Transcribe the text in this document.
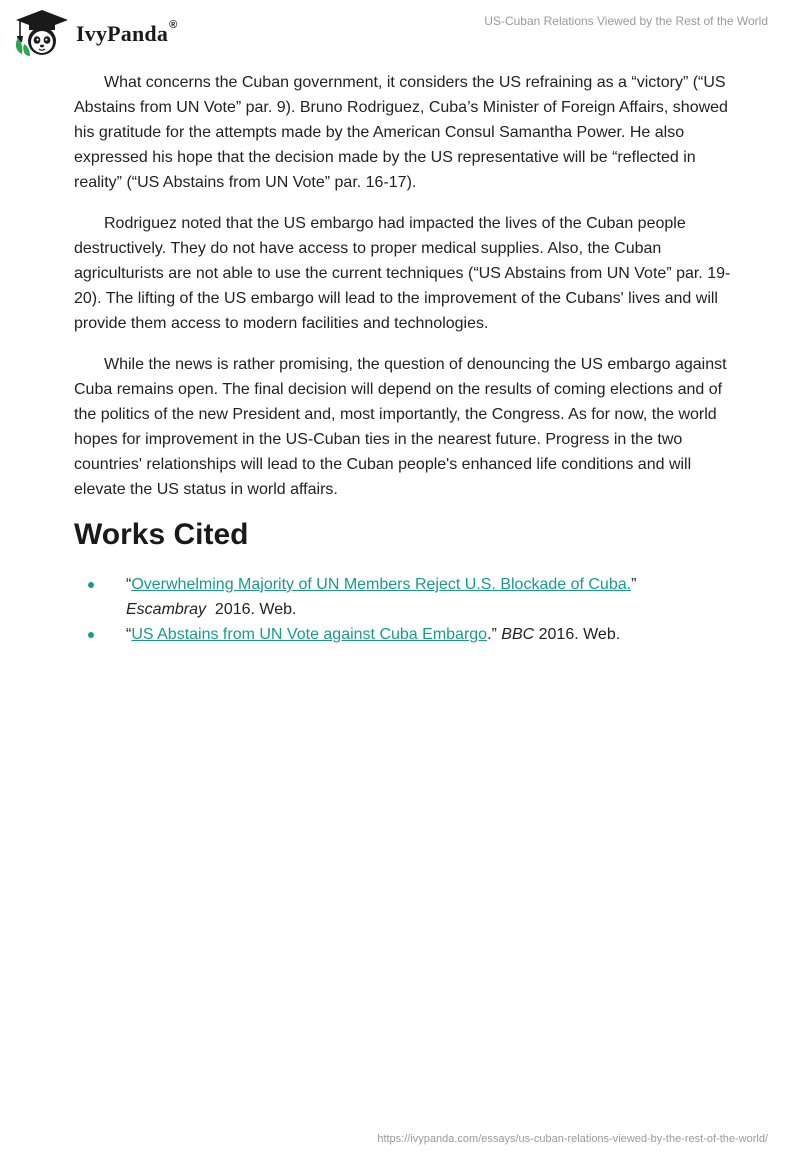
IvyPanda®	US-Cuban Relations Viewed by the Rest of the World

What concerns the Cuban government, it considers the US refraining as a “victory” (“US Abstains from UN Vote” par. 9). Bruno Rodriguez, Cuba’s Minister of Foreign Affairs, showed his gratitude for the attempts made by the American Consul Samantha Power. He also expressed his hope that the decision made by the US representative will be “reflected in reality” (“US Abstains from UN Vote” par. 16-17).

Rodriguez noted that the US embargo had impacted the lives of the Cuban people destructively. They do not have access to proper medical supplies. Also, the Cuban agriculturists are not able to use the current techniques (“US Abstains from UN Vote” par. 19-20). The lifting of the US embargo will lead to the improvement of the Cubans' lives and will provide them access to modern facilities and technologies.

While the news is rather promising, the question of denouncing the US embargo against Cuba remains open. The final decision will depend on the results of coming elections and of the politics of the new President and, most importantly, the Congress. As for now, the world hopes for improvement in the US-Cuban ties in the nearest future. Progress in the two countries' relationships will lead to the Cuban people's enhanced life conditions and will elevate the US status in world affairs.

Works Cited
“Overwhelming Majority of UN Members Reject U.S. Blockade of Cuba.”
Escambray  2016. Web.
“US Abstains from UN Vote against Cuba Embargo.” BBC 2016. Web.
https://ivypanda.com/essays/us-cuban-relations-viewed-by-the-rest-of-the-world/
